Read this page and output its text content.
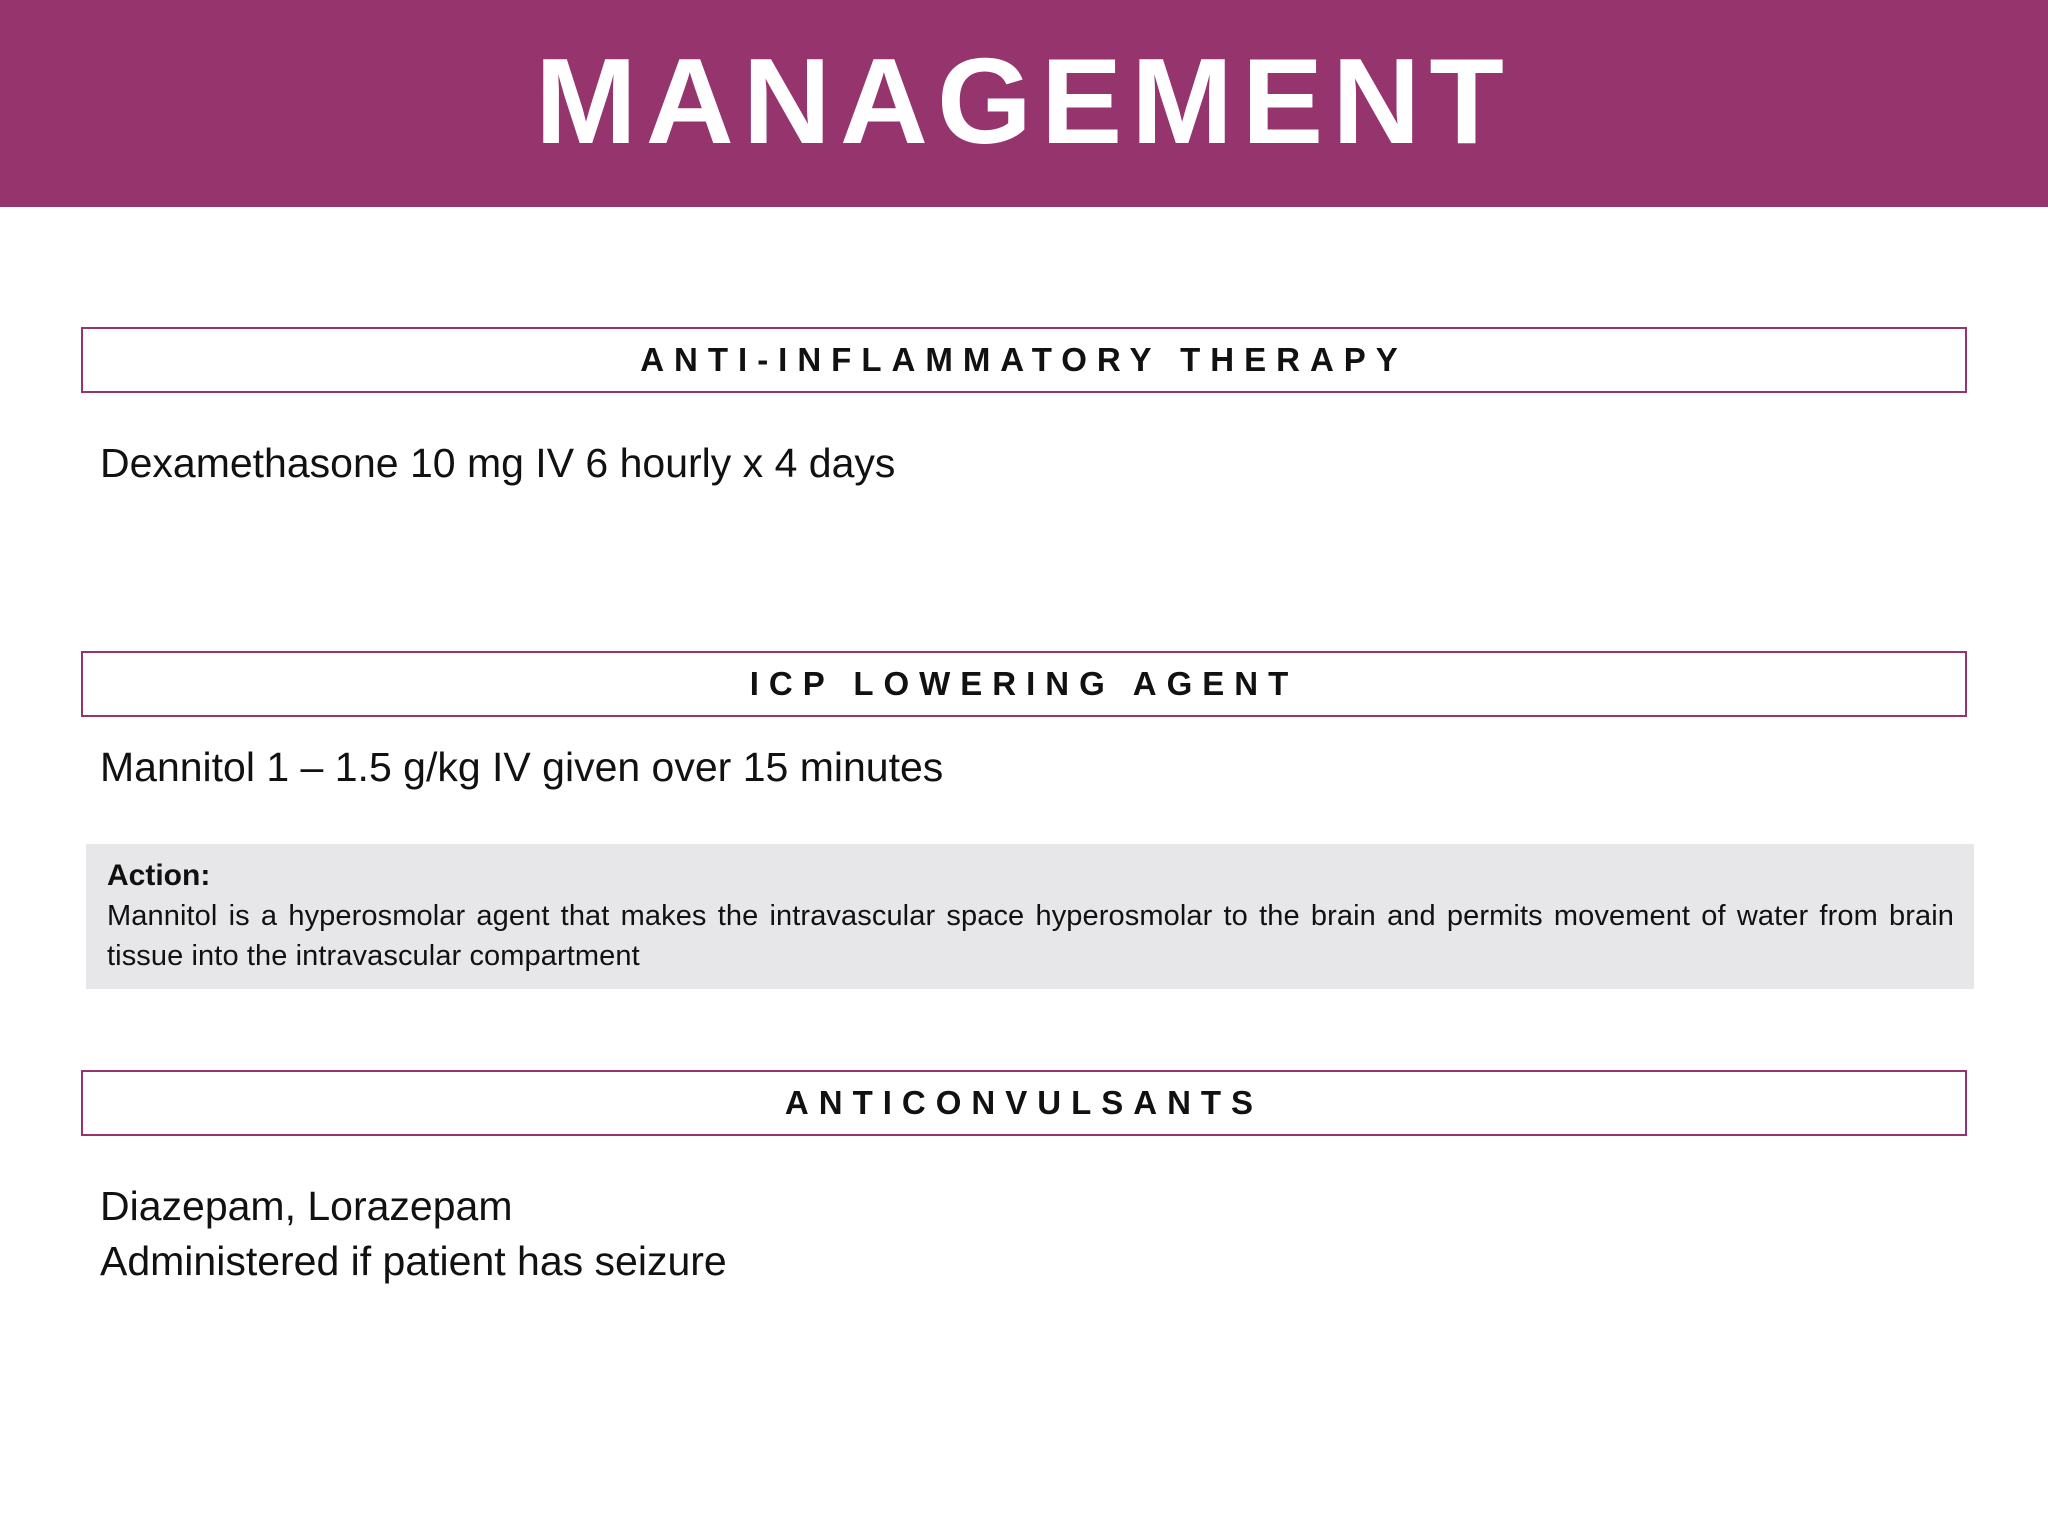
MANAGEMENT
ANTI-INFLAMMATORY THERAPY
Dexamethasone 10 mg IV 6 hourly x 4 days
ICP LOWERING AGENT
Mannitol 1 – 1.5 g/kg IV given over 15 minutes
Action:
Mannitol is a hyperosmolar agent that makes the intravascular space hyperosmolar to the brain and permits movement of water from brain tissue into the intravascular compartment
ANTICONVULSANTS
Diazepam, Lorazepam
Administered if patient has seizure
